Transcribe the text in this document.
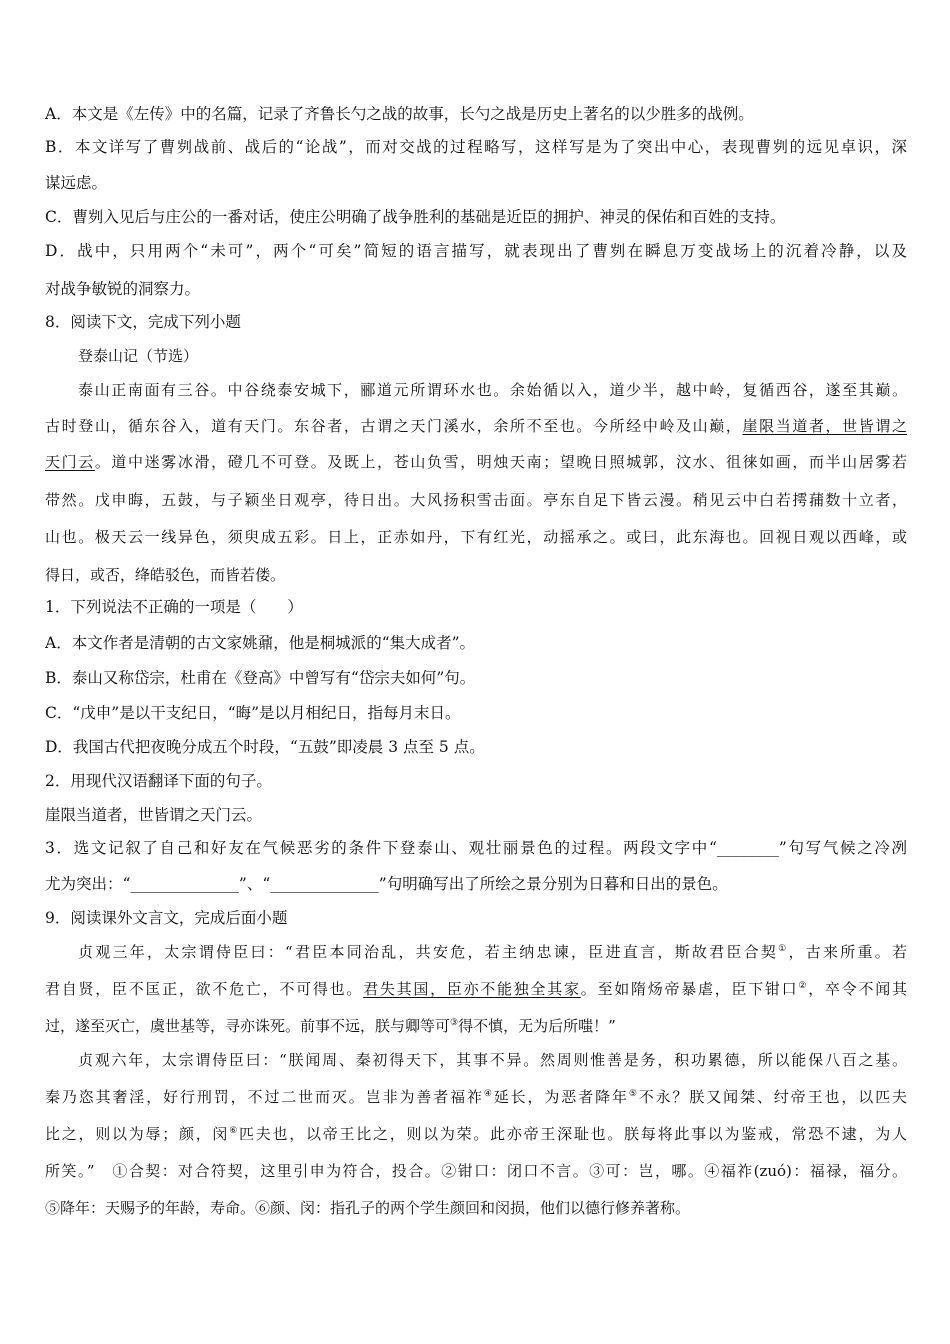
A．本文是《左传》中的名篇，记录了齐鲁长勺之战的故事，长勺之战是历史上著名的以少胜多的战例。
B．本文详写了曹刿战前、战后的“论战”，而对交战的过程略写，这样写是为了突出中心，表现曹刿的远见卓识，深
谋远虑。
C．曹刿入见后与庄公的一番对话，使庄公明确了战争胜利的基础是近臣的拥护、神灵的保佑和百姓的支持。
D．战中，只用两个“未可”，两个“可矣”简短的语言描写，就表现出了曹刿在瞬息万变战场上的沉着冷静，以及
对战争敏锐的洞察力。
8．阅读下文，完成下列小题
登泰山记（节选）
泰山正南面有三谷。中谷绕泰安城下，郦道元所谓环水也。余始循以入，道少半，越中岭，复循西谷，遂至其巅。
古时登山，循东谷入，道有天门。东谷者，古谓之天门溪水，余所不至也。今所经中岭及山巅，崖限当道者，世皆谓之
天门云。道中迷雾冰滑，磴几不可登。及既上，苍山负雪，明烛天南；望晚日照城郭，汶水、徂徕如画，而半山居雾若
带然。戊申晦，五鼓，与子颖坐日观亭，待日出。大风扬积雪击面。亭东自足下皆云漫。稍见云中白若摴蒱数十立者，
山也。极天云一线异色，须臾成五彩。日上，正赤如丹，下有红光，动摇承之。或曰，此东海也。回视日观以西峰，或
得日，或否，绛皓驳色，而皆若偻。
1．下列说法不正确的一项是（　　）
A．本文作者是清朝的古文家姚鼐，他是桐城派的“集大成者”。
B．泰山又称岱宗，杜甫在《登高》中曾写有“岱宗夫如何”句。
C．“戊申”是以干支纪日，“晦”是以月相纪日，指每月末日。
D．我国古代把夜晚分成五个时段，“五鼓”即凌晨 3 点至 5 点。
2．用现代汉语翻译下面的句子。
崖限当道者，世皆谓之天门云。
3．选文记叙了自己和好友在气候恶劣的条件下登泰山、观壮丽景色的过程。两段文字中“________”句写气候之冷冽
尤为突出：“______________”、“______________”句明确写出了所绘之景分别为日暮和日出的景色。
9．阅读课外文言文，完成后面小题
贞观三年，太宗谓侍臣曰：“君臣本同治乱，共安危，若主纳忠谏，臣进直言，斯故君臣合契①，古来所重。若
君自贤，臣不匡正，欲不危亡，不可得也。君失其国，臣亦不能独全其家。至如隋炀帝暴虐，臣下钳口②，卒令不闻其
过，遂至灭亡，虞世基等，寻亦诛死。前事不远，朕与卿等可③得不慎，无为后所嗤！”
贞观六年，太宗谓侍臣曰：“朕闻周、秦初得天下，其事不异。然周则惟善是务，积功累德，所以能保八百之基。
秦乃恣其奢淫，好行刑罚，不过二世而灭。岂非为善者福祚④延长，为恶者降年⑤不永？朕又闻桀、纣帝王也，以匹夫
比之，则以为辱；颜，闵⑥匹夫也，以帝王比之，则以为荣。此亦帝王深耻也。朕每将此事以为鉴戒，常恐不逮，为人
所笑。”　①合契：对合符契，这里引申为符合，投合。②钳口：闭口不言。③可：岂，哪。④福祚(zuó)：福禄，福分。
⑤降年：天赐予的年龄，寿命。⑥颜、闵：指孔子的两个学生颜回和闵损，他们以德行修养著称。
